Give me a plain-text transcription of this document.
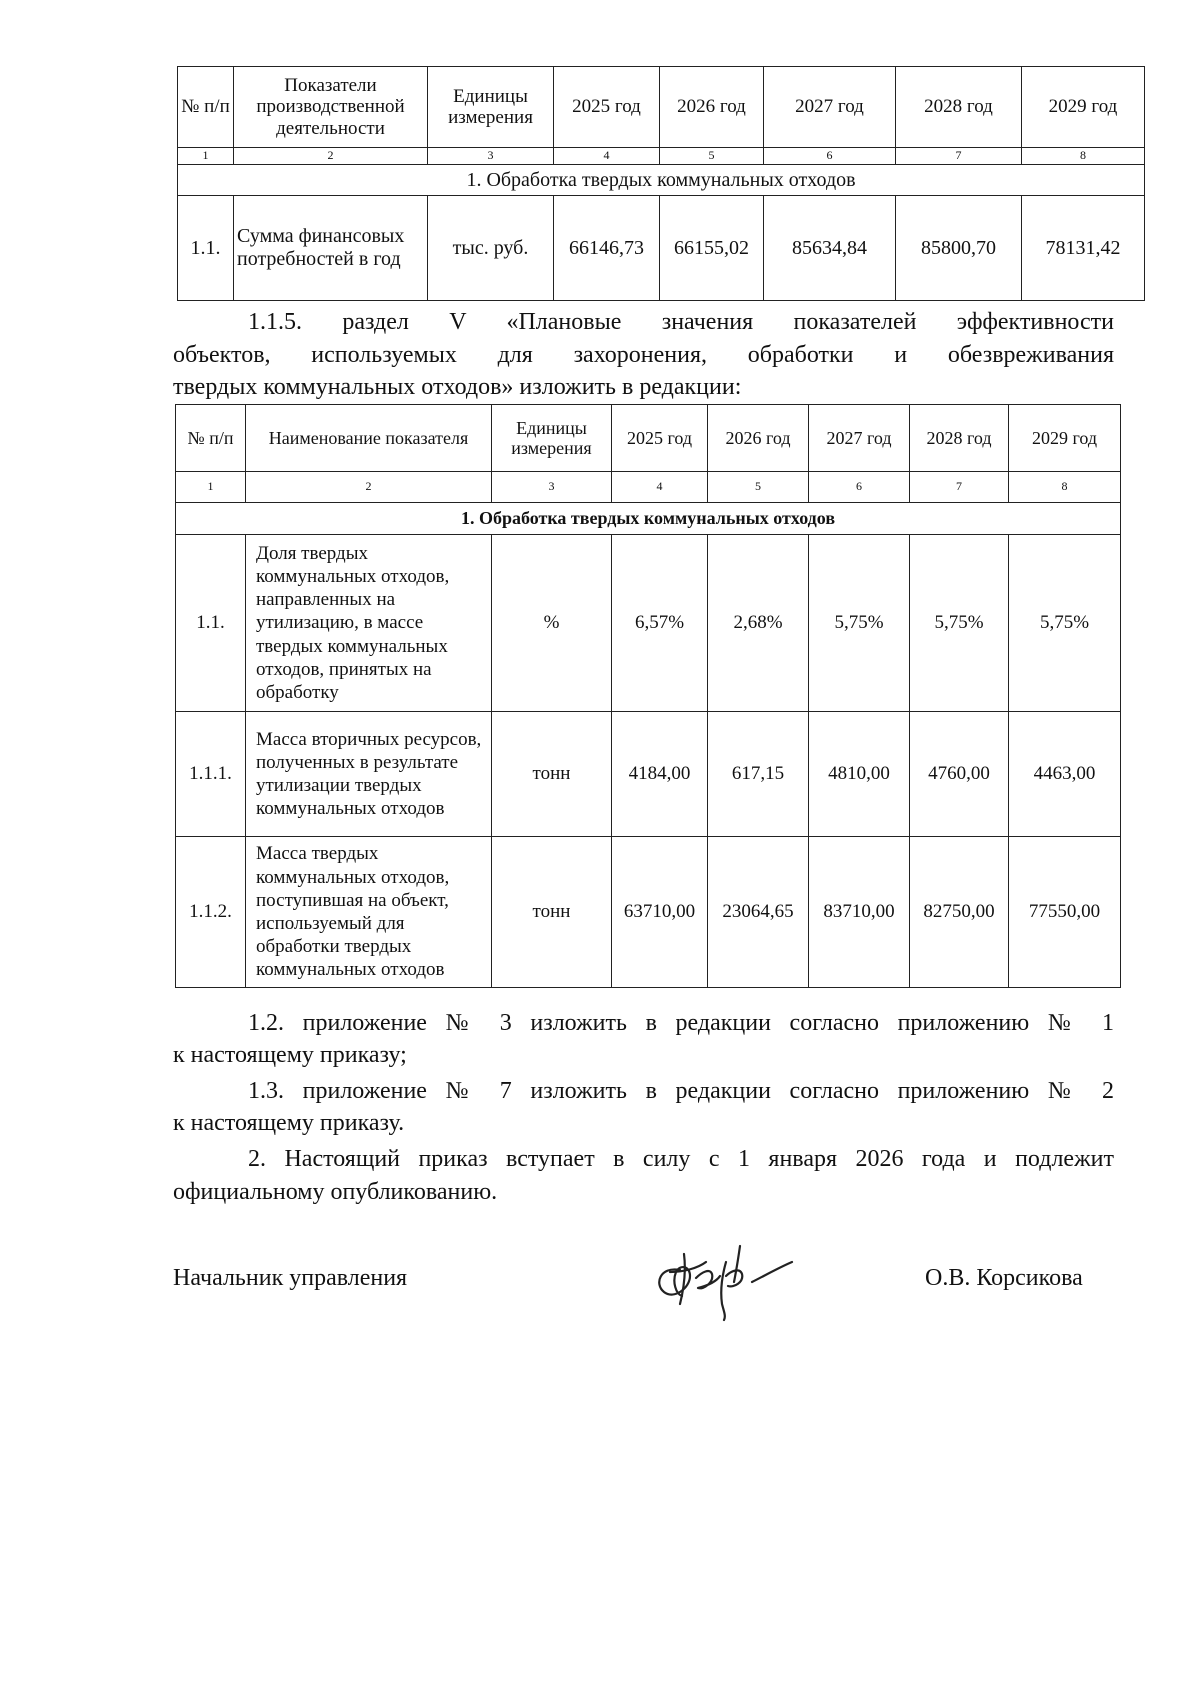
№ п/п	Показатели производственной деятельности	Единицы измерения	2025 год	2026 год	2027 год	2028 год	2029 год
1	2	3	4	5	6	7	8
1. Обработка твердых коммунальных отходов							
1.1.	Сумма финансовых потребностей в год	тыс. руб.	66146,73	66155,02	85634,84	85800,70	78131,42
1.1.5. раздел V «Плановые значения показателей эффективности
объектов, используемых для захоронения, обработки и обезвреживания
твердых коммунальных отходов» изложить в редакции:
№ п/п	Наименование показателя	Единицы измерения	2025 год	2026 год	2027 год	2028 год	2029 год
1	2	3	4	5	6	7	8
1. Обработка твердых коммунальных отходов							
1.1.	Доля твердых коммунальных отходов, направленных на утилизацию, в массе твердых коммунальных отходов, принятых на обработку	%	6,57%	2,68%	5,75%	5,75%	5,75%
1.1.1.	Масса вторичных ресурсов, полученных в результате утилизации твердых коммунальных отходов	тонн	4184,00	617,15	4810,00	4760,00	4463,00
1.1.2.	Масса твердых коммунальных отходов, поступившая на объект, используемый для обработки твердых коммунальных отходов	тонн	63710,00	23064,65	83710,00	82750,00	77550,00
1.2. приложение № 3 изложить в редакции согласно приложению № 1
к настоящему приказу;
1.3. приложение № 7 изложить в редакции согласно приложению № 2
к настоящему приказу.
2. Настоящий приказ вступает в силу с 1 января 2026 года и подлежит
официальному опубликованию.
Начальник управления	О.В. Корсикова
